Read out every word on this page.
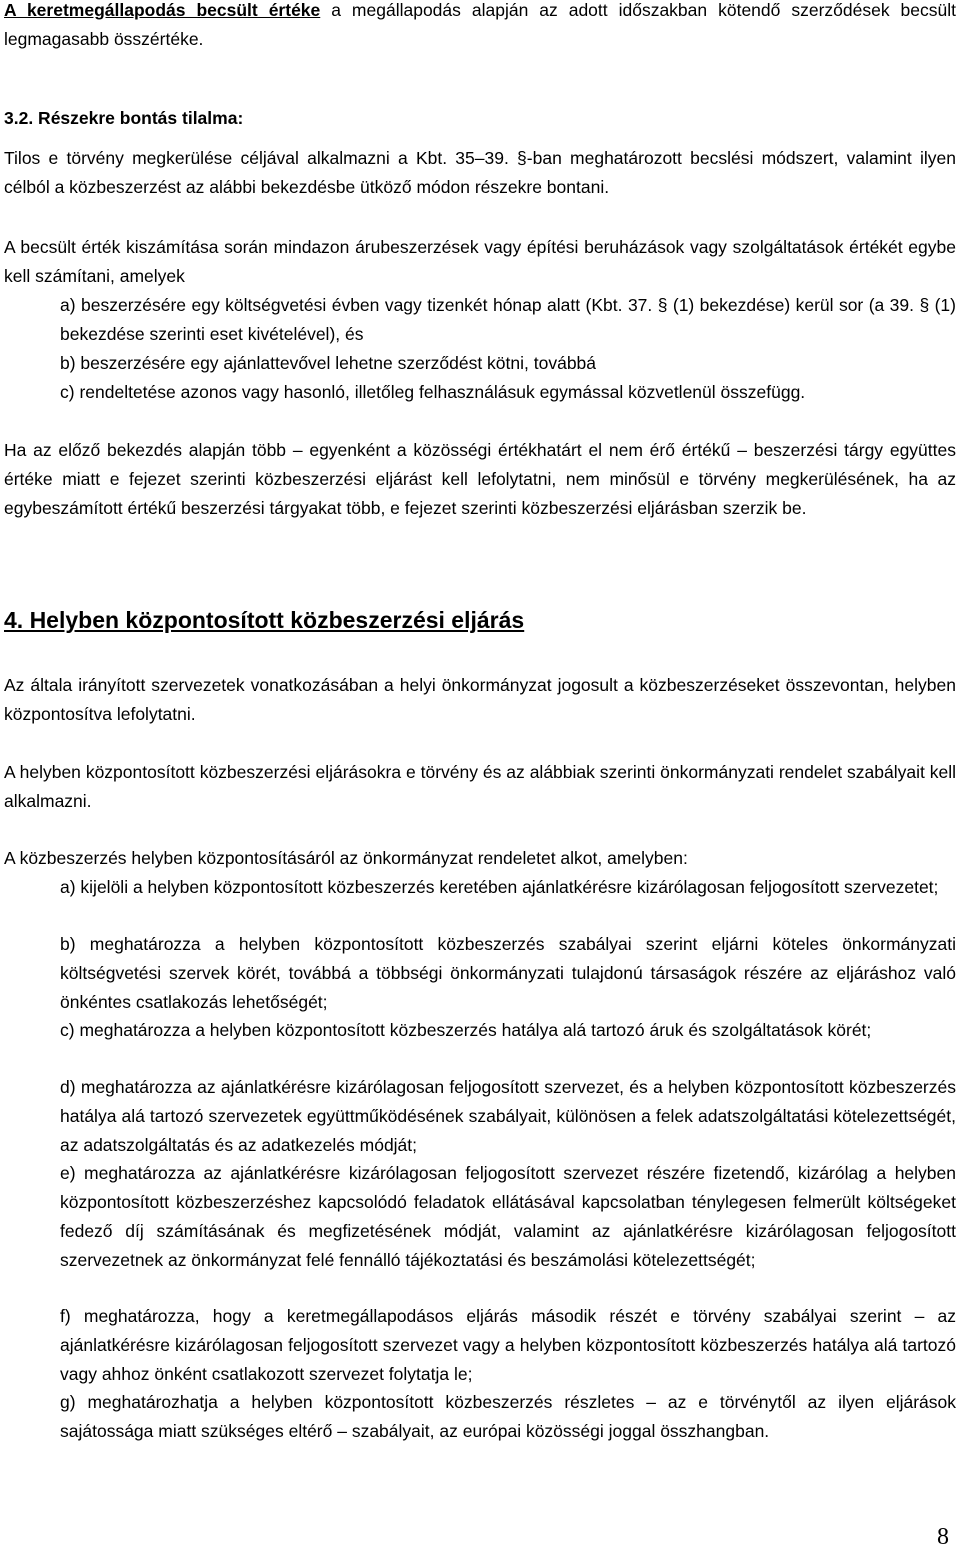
A keretmegállapodás becsült értéke a megállapodás alapján az adott időszakban kötendő szerződések becsült legmagasabb összértéke.

3.2. Részekre bontás tilalma:

Tilos e törvény megkerülése céljával alkalmazni a Kbt. 35–39. §-ban meghatározott becslési módszert, valamint ilyen célból a közbeszerzést az alábbi bekezdésbe ütköző módon részekre bontani.

A becsült érték kiszámítása során mindazon árubeszerzések vagy építési beruházások vagy szolgáltatások értékét egybe kell számítani, amelyek

a) beszerzésére egy költségvetési évben vagy tizenkét hónap alatt (Kbt. 37. § (1) bekezdése) kerül sor (a 39. § (1) bekezdése szerinti eset kivételével), és

b) beszerzésére egy ajánlattevővel lehetne szerződést kötni, továbbá

c) rendeltetése azonos vagy hasonló, illetőleg felhasználásuk egymással közvetlenül összefügg.

Ha az előző bekezdés alapján több – egyenként a közösségi értékhatárt el nem érő értékű – beszerzési tárgy együttes értéke miatt e fejezet szerinti közbeszerzési eljárást kell lefolytatni, nem minősül e törvény megkerülésének, ha az egybeszámított értékű beszerzési tárgyakat több, e fejezet szerinti közbeszerzési eljárásban szerzik be.

4. Helyben központosított közbeszerzési eljárás

Az általa irányított szervezetek vonatkozásában a helyi önkormányzat jogosult a közbeszerzéseket összevontan, helyben központosítva lefolytatni.

A helyben központosított közbeszerzési eljárásokra e törvény és az alábbiak szerinti önkormányzati rendelet szabályait kell alkalmazni.

A közbeszerzés helyben központosításáról az önkormányzat rendeletet alkot, amelyben:

a) kijelöli a helyben központosított közbeszerzés keretében ajánlatkérésre kizárólagosan feljogosított szervezetet;

b) meghatározza a helyben központosított közbeszerzés szabályai szerint eljárni köteles önkormányzati költségvetési szervek körét, továbbá a többségi önkormányzati tulajdonú társaságok részére az eljáráshoz való önkéntes csatlakozás lehetőségét;

c) meghatározza a helyben központosított közbeszerzés hatálya alá tartozó áruk és szolgáltatások körét;

d) meghatározza az ajánlatkérésre kizárólagosan feljogosított szervezet, és a helyben központosított közbeszerzés hatálya alá tartozó szervezetek együttműködésének szabályait, különösen a felek adatszolgáltatási kötelezettségét, az adatszolgáltatás és az adatkezelés módját;

e) meghatározza az ajánlatkérésre kizárólagosan feljogosított szervezet részére fizetendő, kizárólag a helyben központosított közbeszerzéshez kapcsolódó feladatok ellátásával kapcsolatban ténylegesen felmerült költségeket fedező díj számításának és megfizetésének módját, valamint az ajánlatkérésre kizárólagosan feljogosított szervezetnek az önkormányzat felé fennálló tájékoztatási és beszámolási kötelezettségét;

f) meghatározza, hogy a keretmegállapodásos eljárás második részét e törvény szabályai szerint – az ajánlatkérésre kizárólagosan feljogosított szervezet vagy a helyben központosított közbeszerzés hatálya alá tartozó vagy ahhoz önként csatlakozott szervezet folytatja le;

g) meghatározhatja a helyben központosított közbeszerzés részletes – az e törvénytől az ilyen eljárások sajátossága miatt szükséges eltérő – szabályait, az európai közösségi joggal összhangban.

8
